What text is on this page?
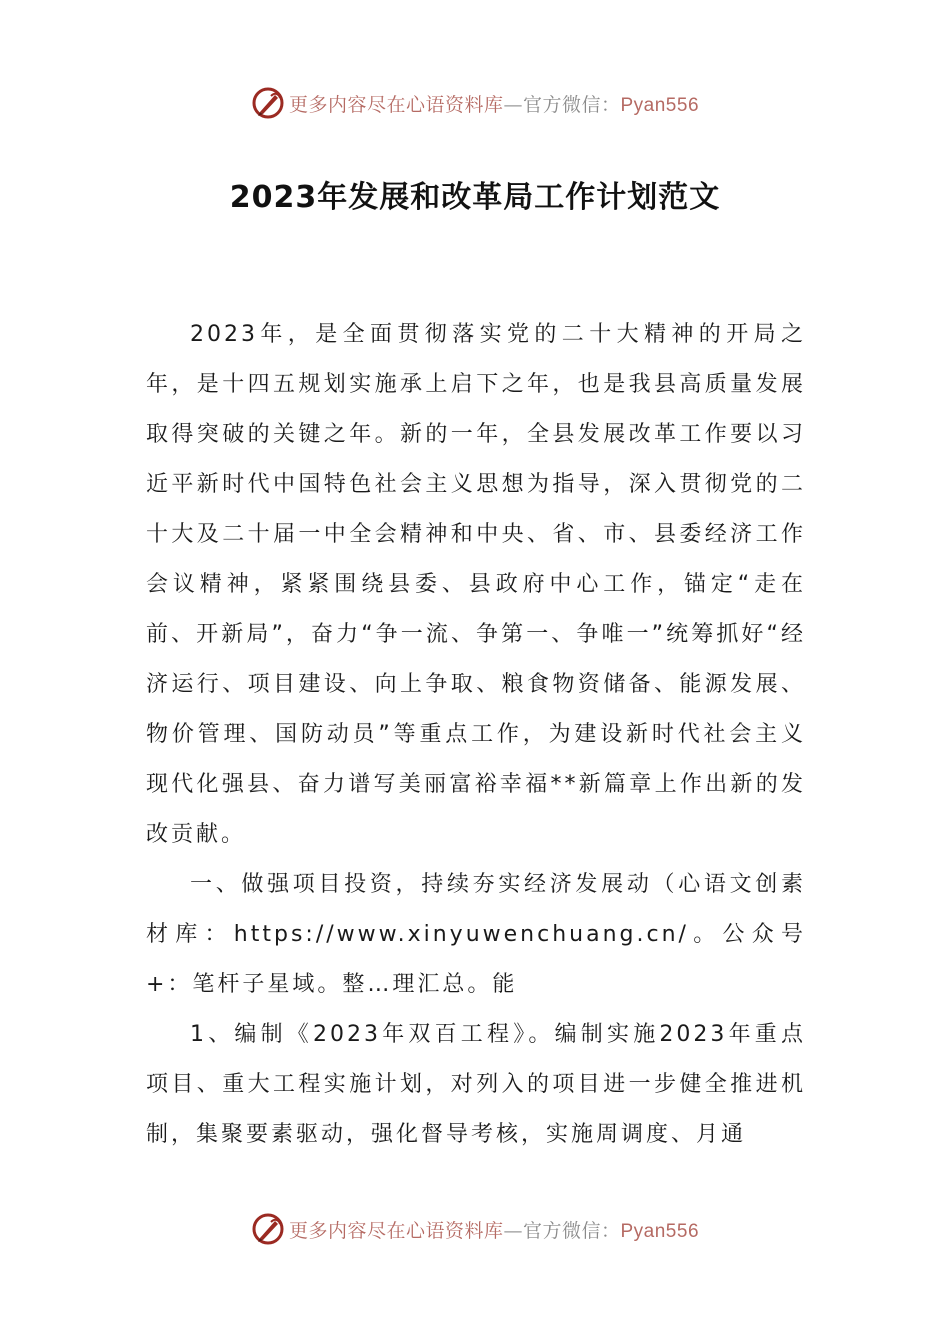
更多内容尽在心语资料库—官方微信：Pyan556
2023年发展和改革局工作计划范文

2023年，是全面贯彻落实党的二十大精神的开局之年，是十四五规划实施承上启下之年，也是我县高质量发展取得突破的关键之年。新的一年，全县发展改革工作要以习近平新时代中国特色社会主义思想为指导，深入贯彻党的二十大及二十届一中全会精神和中央、省、市、县委经济工作会议精神，紧紧围绕县委、县政府中心工作，锚定“走在前、开新局”，奋力“争一流、争第一、争唯一”统筹抓好“经济运行、项目建设、向上争取、粮食物资储备、能源发展、物价管理、国防动员”等重点工作，为建设新时代社会主义现代化强县、奋力谱写美丽富裕幸福**新篇章上作出新的发改贡献。

一、做强项目投资，持续夯实经济发展动（心语文创素材库：https://www.xinyuwenchuang.cn/。公众号+：笔杆子星域。整…理汇总。能

1、编制《2023年双百工程》。编制实施2023年重点项目、重大工程实施计划，对列入的项目进一步健全推进机制，集聚要素驱动，强化督导考核，实施周调度、月通

更多内容尽在心语资料库—官方微信：Pyan556
